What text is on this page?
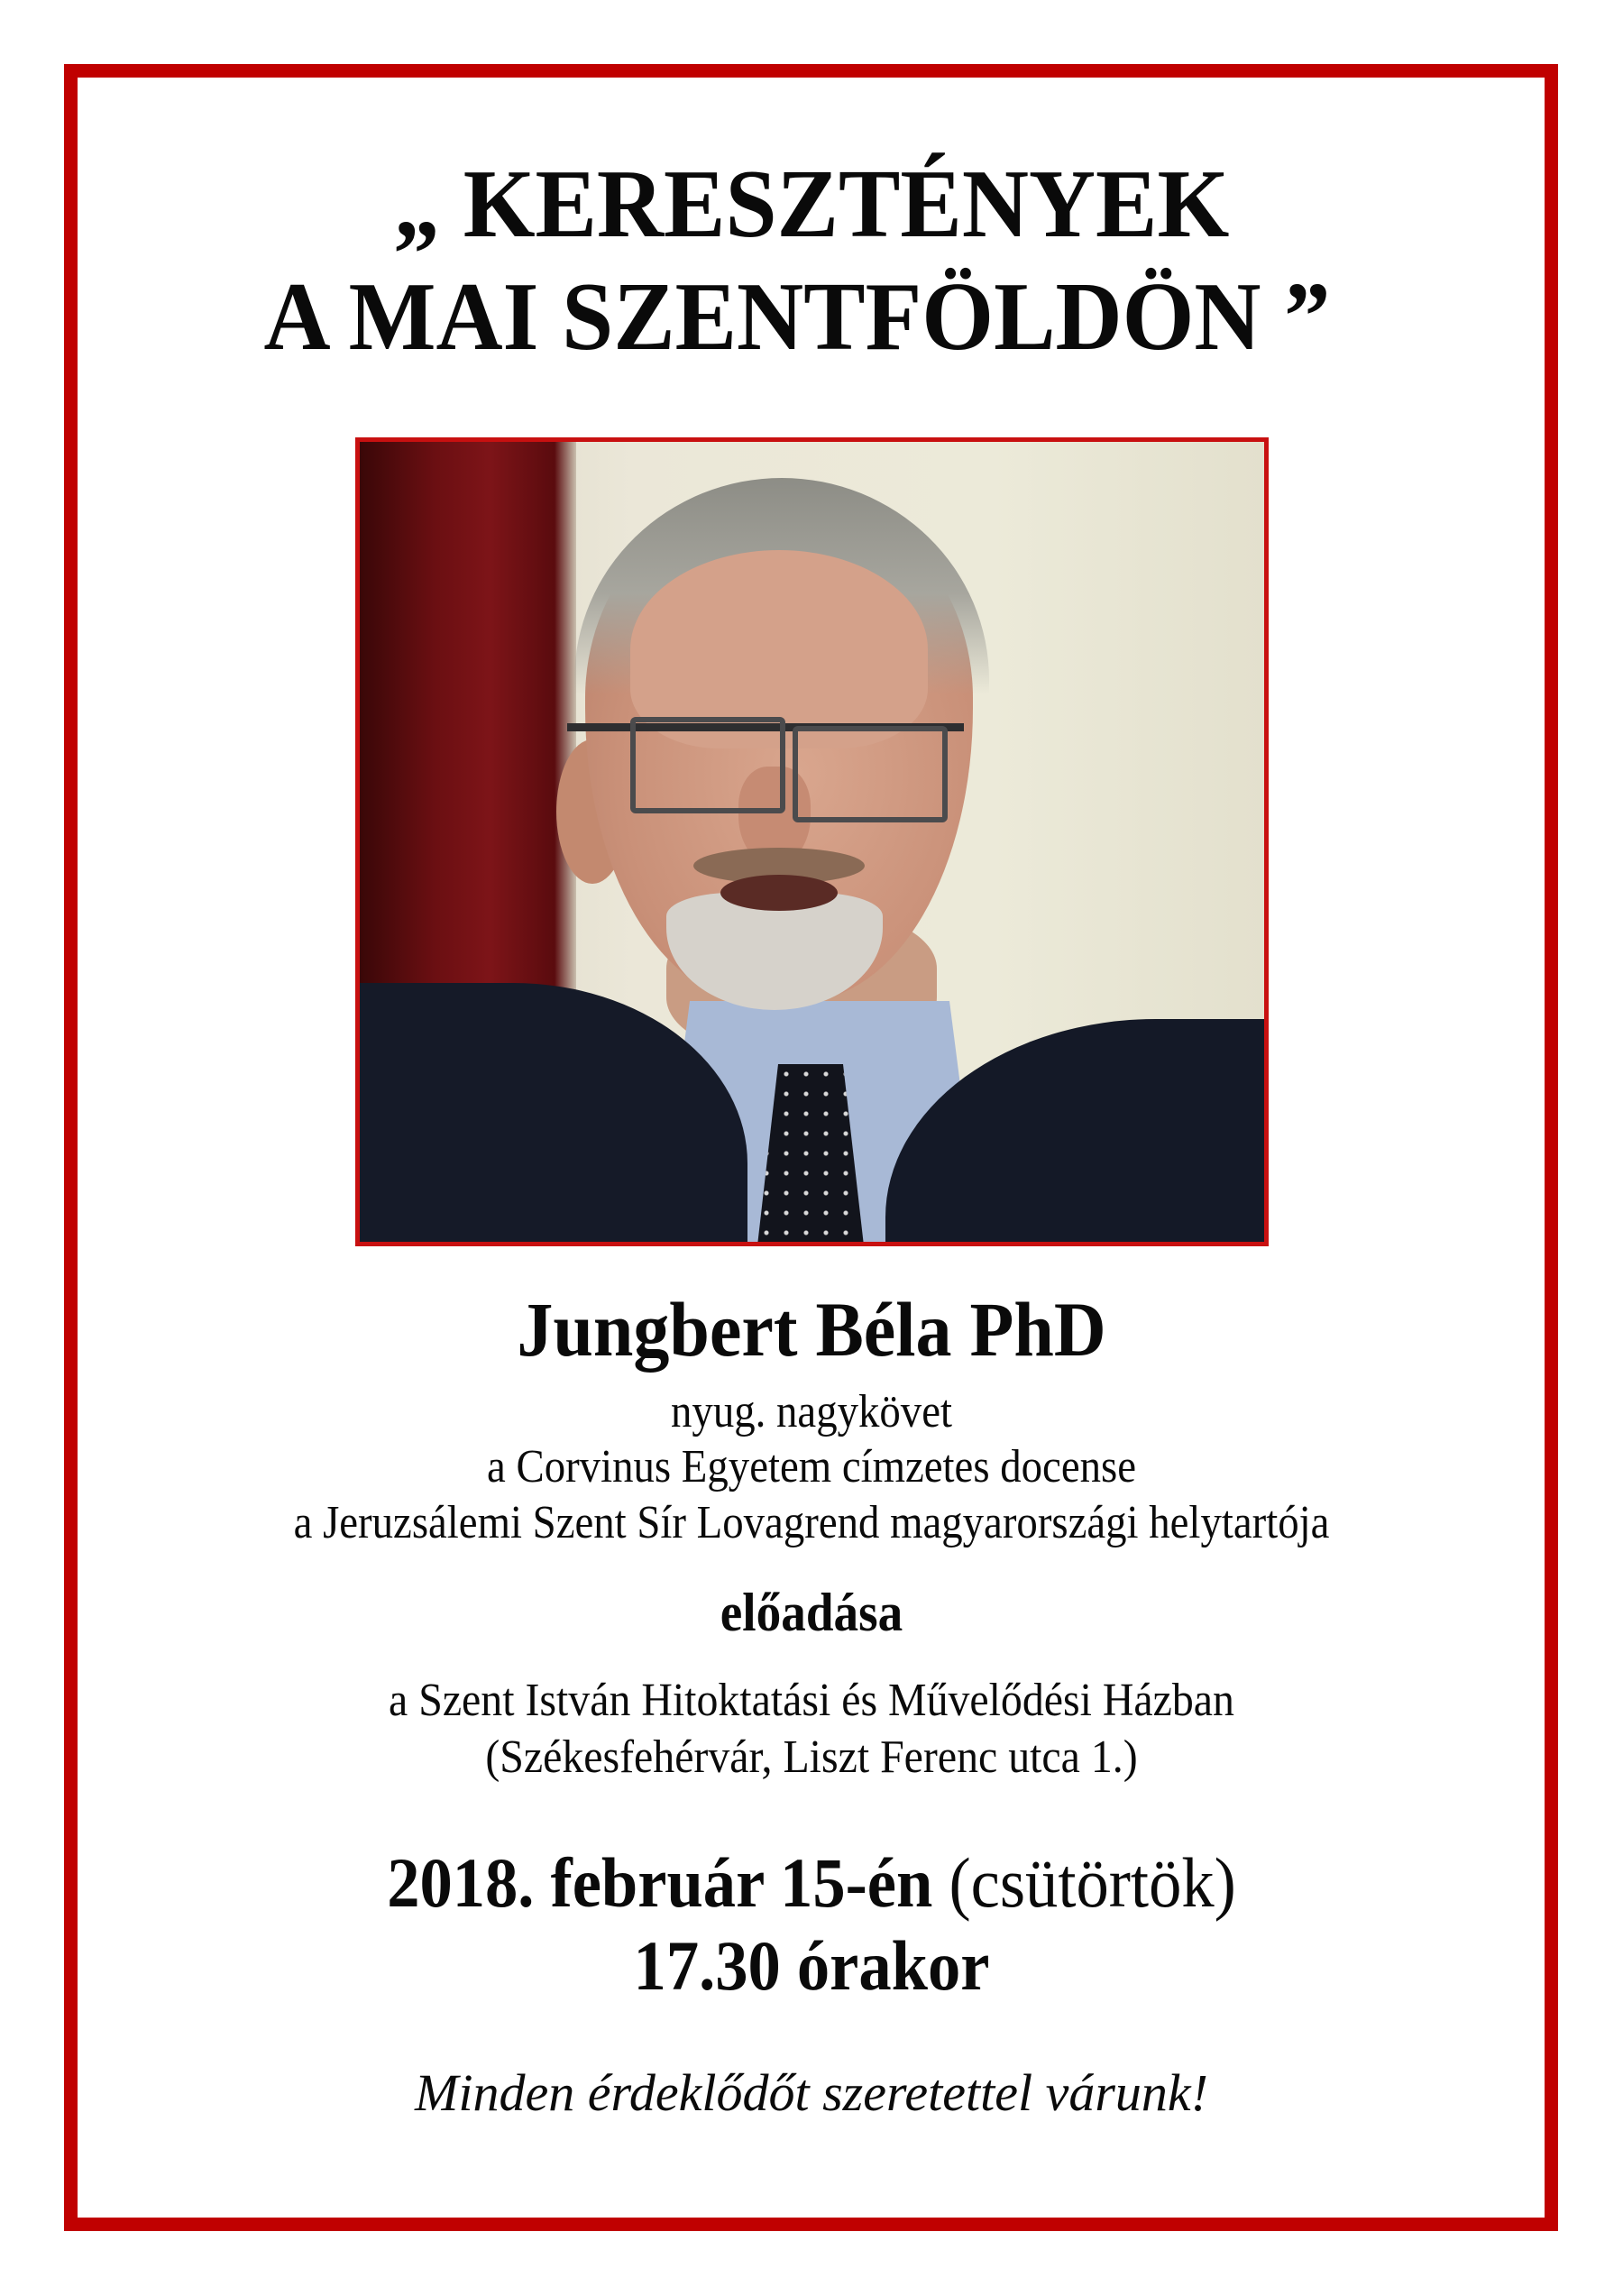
„ KERESZTÉNYEK
A MAI SZENTFÖLDÖN ”
Jungbert Béla PhD
nyug. nagykövet
a Corvinus Egyetem címzetes docense
a Jeruzsálemi Szent Sír Lovagrend magyarországi helytartója
előadása
a Szent István Hitoktatási és Művelődési Házban
(Székesfehérvár, Liszt Ferenc utca 1.)
2018. február 15-én (csütörtök)
17.30 órakor
Minden érdeklődőt szeretettel várunk!
